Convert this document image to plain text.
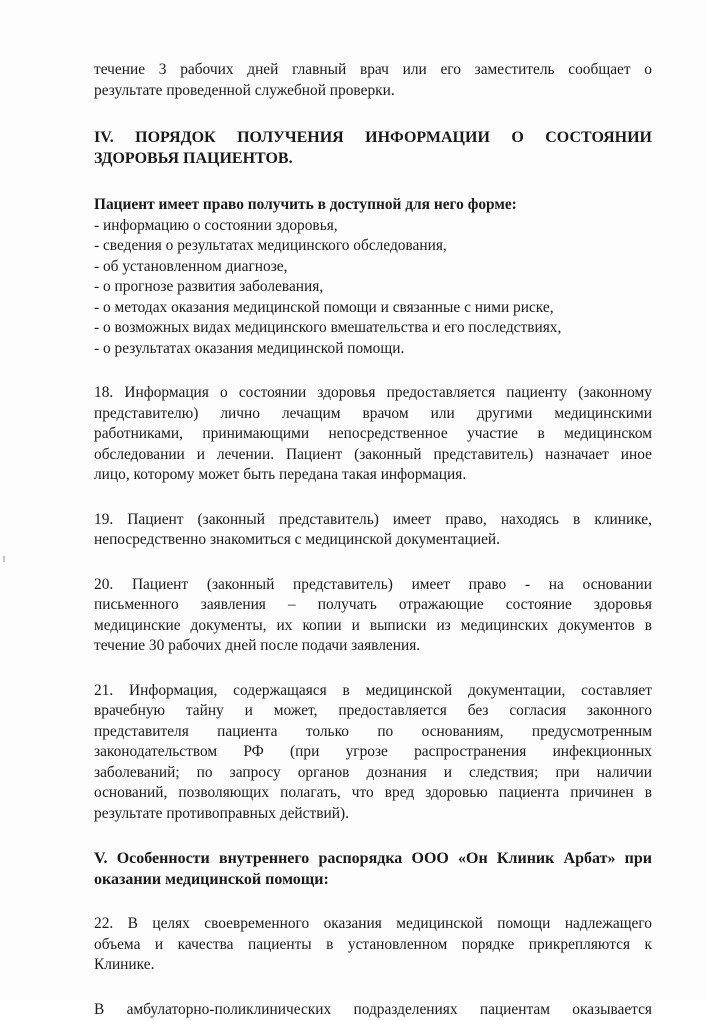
течение 3 рабочих дней главный врач или его заместитель сообщает о
результате проведенной служебной проверки.

IV. ПОРЯДОК ПОЛУЧЕНИЯ ИНФОРМАЦИИ О СОСТОЯНИИ
ЗДОРОВЬЯ ПАЦИЕНТОВ.

Пациент имеет право получить в доступной для него форме:

- информацию о состоянии здоровья,
- сведения о результатах медицинского обследования,
- об установленном диагнозе,
- о прогнозе развития заболевания,
- о методах оказания медицинской помощи и связанные с ними риске,
- о возможных видах медицинского вмешательства и его последствиях,
- о результатах оказания медицинской помощи.

18. Информация о состоянии здоровья предоставляется пациенту (законному
представителю) лично лечащим врачом или другими медицинскими
работниками, принимающими непосредственное участие в медицинском
обследовании и лечении. Пациент (законный представитель) назначает иное
лицо, которому может быть передана такая информация.

19. Пациент (законный представитель) имеет право, находясь в клинике,
непосредственно знакомиться с медицинской документацией.

20. Пациент (законный представитель) имеет право - на основании
письменного заявления – получать отражающие состояние здоровья
медицинские документы, их копии и выписки из медицинских документов в
течение 30 рабочих дней после подачи заявления.

21. Информация, содержащаяся в медицинской документации, составляет
врачебную тайну и может, предоставляется без согласия законного
представителя пациента только по основаниям, предусмотренным
законодательством РФ (при угрозе распространения инфекционных
заболеваний; по запросу органов дознания и следствия; при наличии
оснований, позволяющих полагать, что вред здоровью пациента причинен в
результате противоправных действий).

V. Особенности внутреннего распорядка ООО «Он Клиник Арбат» при
оказании медицинской помощи:

22. В целях своевременного оказания медицинской помощи надлежащего
объема и качества пациенты в установленном порядке прикрепляются к
Клинике.

В амбулаторно-поликлинических подразделениях пациентам оказывается
